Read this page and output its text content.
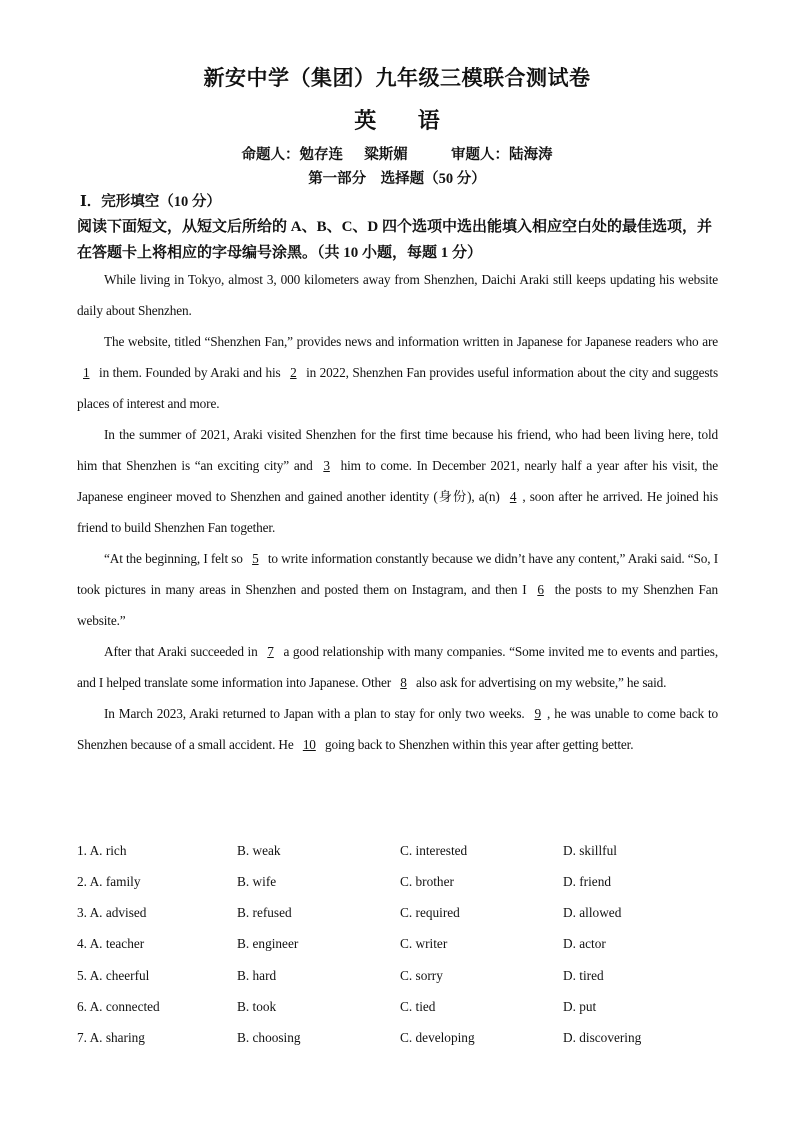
新安中学（集团）九年级三模联合测试卷
英 语
命题人：勉存连 粱斯媚	审题人：陆海涛
第一部分　选择题（50 分）
Ⅰ．完形填空（10 分）
阅读下面短文，从短文后所给的 A、B、C、D 四个选项中选出能填入相应空白处的最佳选项，并在答题卡上将相应的字母编号涂黑。（共 10 小题，每题 1 分）

While living in Tokyo, almost 3, 000 kilometers away from Shenzhen, Daichi Araki still keeps updating his website daily about Shenzhen.

The website, titled “Shenzhen Fan,” provides news and information written in Japanese for Japanese readers who are 1 in them. Founded by Araki and his 2 in 2022, Shenzhen Fan provides useful information about the city and suggests places of interest and more.

In the summer of 2021, Araki visited Shenzhen for the first time because his friend, who had been living here, told him that Shenzhen is “an exciting city” and 3 him to come. In December 2021, nearly half a year after his visit, the Japanese engineer moved to Shenzhen and gained another identity (身份), a(n) 4 , soon after he arrived. He joined his friend to build Shenzhen Fan together.

“At the beginning, I felt so 5 to write information constantly because we didn’t have any content,” Araki said. “So, I took pictures in many areas in Shenzhen and posted them on Instagram, and then I 6 the posts to my Shenzhen Fan website.”

After that Araki succeeded in 7 a good relationship with many companies. “Some invited me to events and parties, and I helped translate some information into Japanese. Other 8 also ask for advertising on my website,” he said.

In March 2023, Araki returned to Japan with a plan to stay for only two weeks. 9 , he was unable to come back to Shenzhen because of a small accident. He 10 going back to Shenzhen within this year after getting better.

1. A. rich	B. weak	C. interested	D. skillful
2. A. family	B. wife	C. brother	D. friend
3. A. advised	B. refused	C. required	D. allowed
4. A. teacher	B. engineer	C. writer	D. actor
5. A. cheerful	B. hard	C. sorry	D. tired
6. A. connected	B. took	C. tied	D. put
7. A. sharing	B. choosing	C. developing	D. discovering
